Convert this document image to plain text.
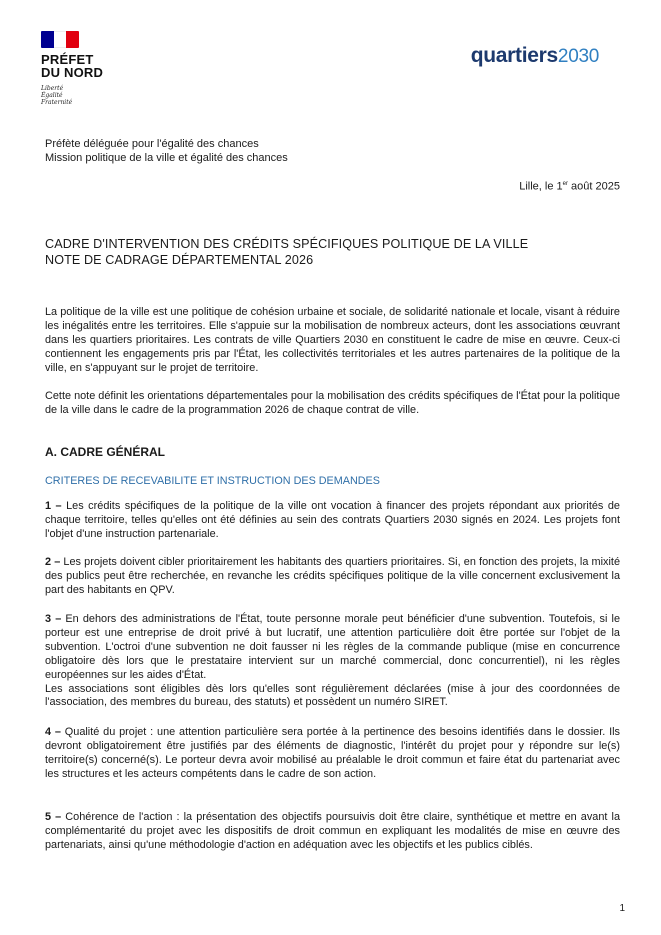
PRÉFET
DU NORD
Liberté
Égalité
Fraternité
quartiers2030
Préfète déléguée pour l'égalité des chances
Mission politique de la ville et égalité des chances
Lille, le 1er août 2025
CADRE D'INTERVENTION DES CRÉDITS SPÉCIFIQUES POLITIQUE DE LA VILLE
NOTE DE CADRAGE DÉPARTEMENTAL 2026
La politique de la ville est une politique de cohésion urbaine et sociale, de solidarité nationale et locale, visant à réduire les inégalités entre les territoires. Elle s'appuie sur la mobilisation de nombreux acteurs, dont les associations œuvrant dans les quartiers prioritaires. Les contrats de ville Quartiers 2030 en constituent le cadre de mise en œuvre. Ceux-ci contiennent les engagements pris par l'État, les collectivités territoriales et les autres partenaires de la politique de la ville, en s'appuyant sur le projet de territoire.
Cette note définit les orientations départementales pour la mobilisation des crédits spécifiques de l'État pour la politique de la ville dans le cadre de la programmation 2026 de chaque contrat de ville.
A. CADRE GÉNÉRAL
CRITERES DE RECEVABILITE ET INSTRUCTION DES DEMANDES

1 – Les crédits spécifiques de la politique de la ville ont vocation à financer des projets répondant aux priorités de chaque territoire, telles qu'elles ont été définies au sein des contrats Quartiers 2030 signés en 2024. Les projets font l'objet d'une instruction partenariale.

2 – Les projets doivent cibler prioritairement les habitants des quartiers prioritaires. Si, en fonction des projets, la mixité des publics peut être recherchée, en revanche les crédits spécifiques politique de la ville concernent exclusivement la part des habitants en QPV.

3 – En dehors des administrations de l'État, toute personne morale peut bénéficier d'une subvention. Toutefois, si le porteur est une entreprise de droit privé à but lucratif, une attention particulière doit être portée sur l'objet de la subvention. L'octroi d'une subvention ne doit fausser ni les règles de la commande publique (mise en concurrence obligatoire dès lors que le prestataire intervient sur un marché commercial, donc concurrentiel), ni les règles européennes sur les aides d'État.

Les associations sont éligibles dès lors qu'elles sont régulièrement déclarées (mise à jour des coordonnées de l'association, des membres du bureau, des statuts) et possèdent un numéro SIRET.

4 – Qualité du projet : une attention particulière sera portée à la pertinence des besoins identifiés dans le dossier. Ils devront obligatoirement être justifiés par des éléments de diagnostic, l'intérêt du projet pour y répondre sur le(s) territoire(s) concerné(s). Le porteur devra avoir mobilisé au préalable le droit commun et faire état du partenariat avec les structures et les acteurs compétents dans le cadre de son action.

5 – Cohérence de l'action : la présentation des objectifs poursuivis doit être claire, synthétique et mettre en avant la complémentarité du projet avec les dispositifs de droit commun en expliquant les modalités de mise en œuvre des partenariats, ainsi qu'une méthodologie d'action en adéquation avec les objectifs et les publics ciblés.

1
